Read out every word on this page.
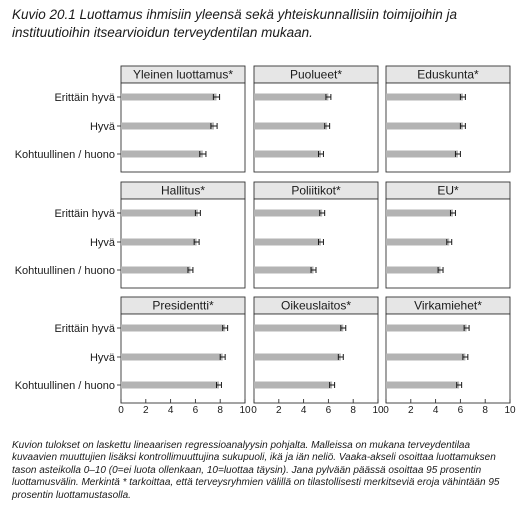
Kuvio 20.1 Luottamus ihmisiin yleensä sekä yhteiskunnallisiin toimijoihin ja instituutioihin itsearvioidun terveydentilan mukaan.

Yleinen luottamus*	Puolueet*	Eduskunta*
Hallitus*	Poliitikot*	EU*
Presidentti*	Oikeuslaitos*	Virkamiehet*
Erittäin hyvä
Hyvä
Kohtuullinen / huono
Erittäin hyvä
Hyvä
Kohtuullinen / huono
Erittäin hyvä
Hyvä
Kohtuullinen / huono
0 2 4 6 8 10 0 2 4 6 8 10 0 2 4 6 8 10

Kuvion tulokset on laskettu lineaarisen regressioanalyysin pohjalta. Malleissa on mukana terveydentilaa kuvaavien muuttujien lisäksi kontrollimuuttujina sukupuoli, ikä ja iän neliö. Vaaka-akseli osoittaa luottamuksen tason asteikolla 0–10 (0=ei luota ollenkaan, 10=luottaa täysin). Jana pylvään päässä osoittaa 95 prosentin luottamusvälin. Merkintä * tarkoittaa, että terveysryhmien välillä on tilastollisesti merkitseviä eroja vähintään 95 prosentin luottamustasolla.
